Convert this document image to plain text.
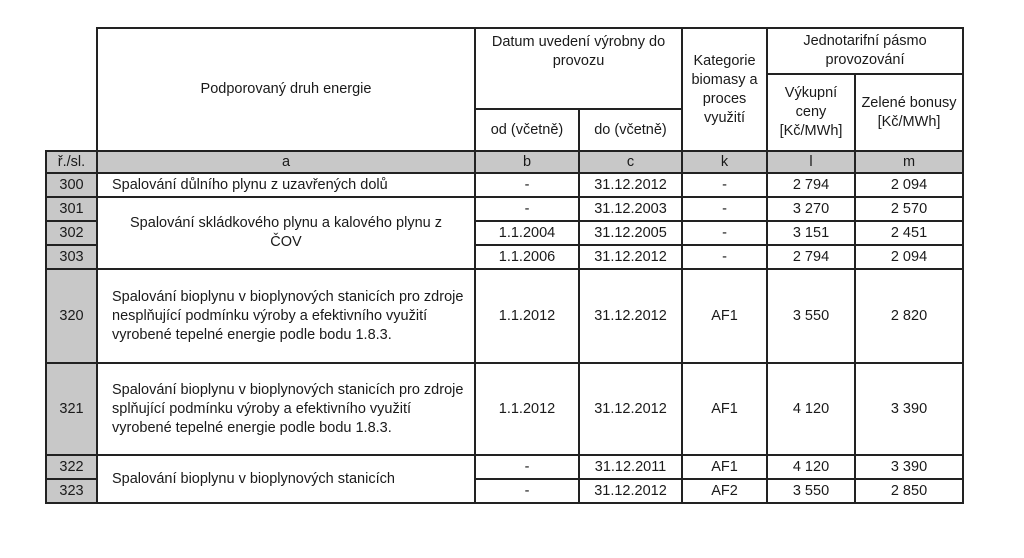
	Podporovaný druh energie	Datum uvedení výrobny do provozu		Kategorie biomasy a proces využití	Jednotarifní pásmo provozování	
					Výkupní ceny [Kč/MWh]	Zelené bonusy [Kč/MWh]
		od (včetně)	do (včetně)			
ř./sl.	a	b	c	k	l	m
300	Spalování důlního plynu z uzavřených dolů	-	31.12.2012	-	2 794	2 094
301	Spalování skládkového plynu a kalového plynu z ČOV	-	31.12.2003	-	3 270	2 570
302		1.1.2004	31.12.2005	-	3 151	2 451
303		1.1.2006	31.12.2012	-	2 794	2 094
320	Spalování bioplynu v bioplynových stanicích pro zdroje nesplňující podmínku výroby a efektivního využití vyrobené tepelné energie podle bodu 1.8.3.	1.1.2012	31.12.2012	AF1	3 550	2 820
321	Spalování bioplynu v bioplynových stanicích pro zdroje splňující podmínku výroby a efektivního využití vyrobené tepelné energie podle bodu 1.8.3.	1.1.2012	31.12.2012	AF1	4 120	3 390
322	Spalování bioplynu v bioplynových stanicích	-	31.12.2011	AF1	4 120	3 390
323		-	31.12.2012	AF2	3 550	2 850
